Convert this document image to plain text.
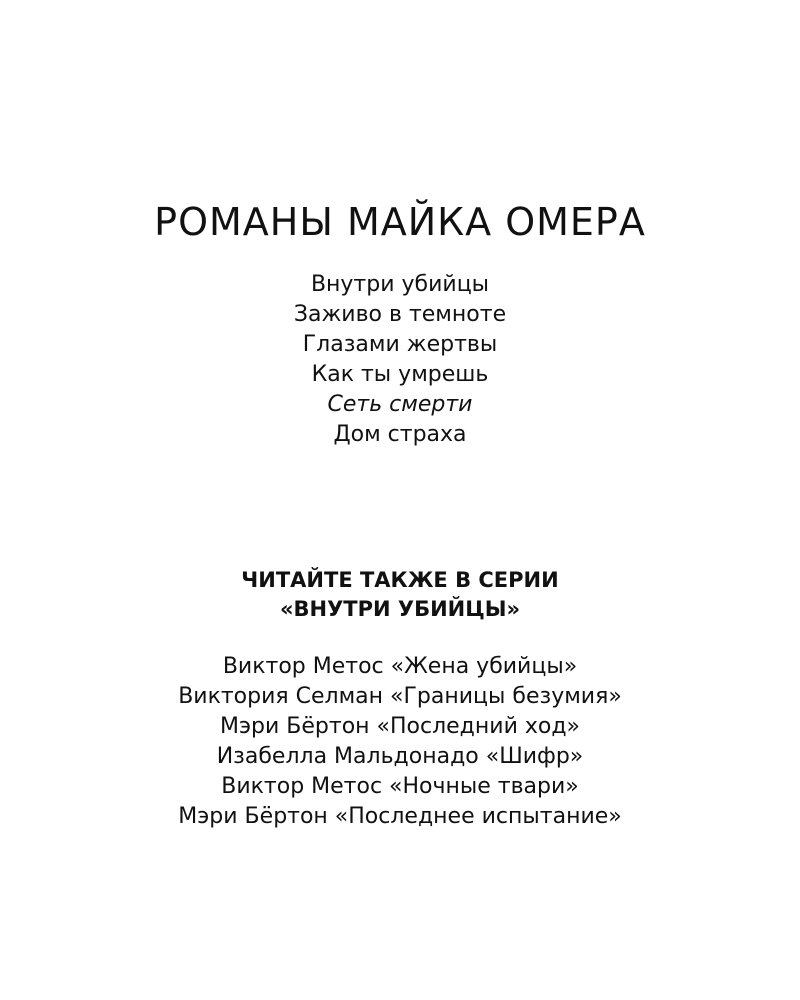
РОМАНЫ МАЙКА ОМЕРА
Внутри убийцы
Заживо в темноте
Глазами жертвы
Как ты умрешь
Сеть смерти
Дом страха
ЧИТАЙТЕ ТАКЖЕ В СЕРИИ
«ВНУТРИ УБИЙЦЫ»
Виктор Метос «Жена убийцы»
Виктория Селман «Границы безумия»
Мэри Бёртон «Последний ход»
Изабелла Мальдонадо «Шифр»
Виктор Метос «Ночные твари»
Мэри Бёртон «Последнее испытание»
